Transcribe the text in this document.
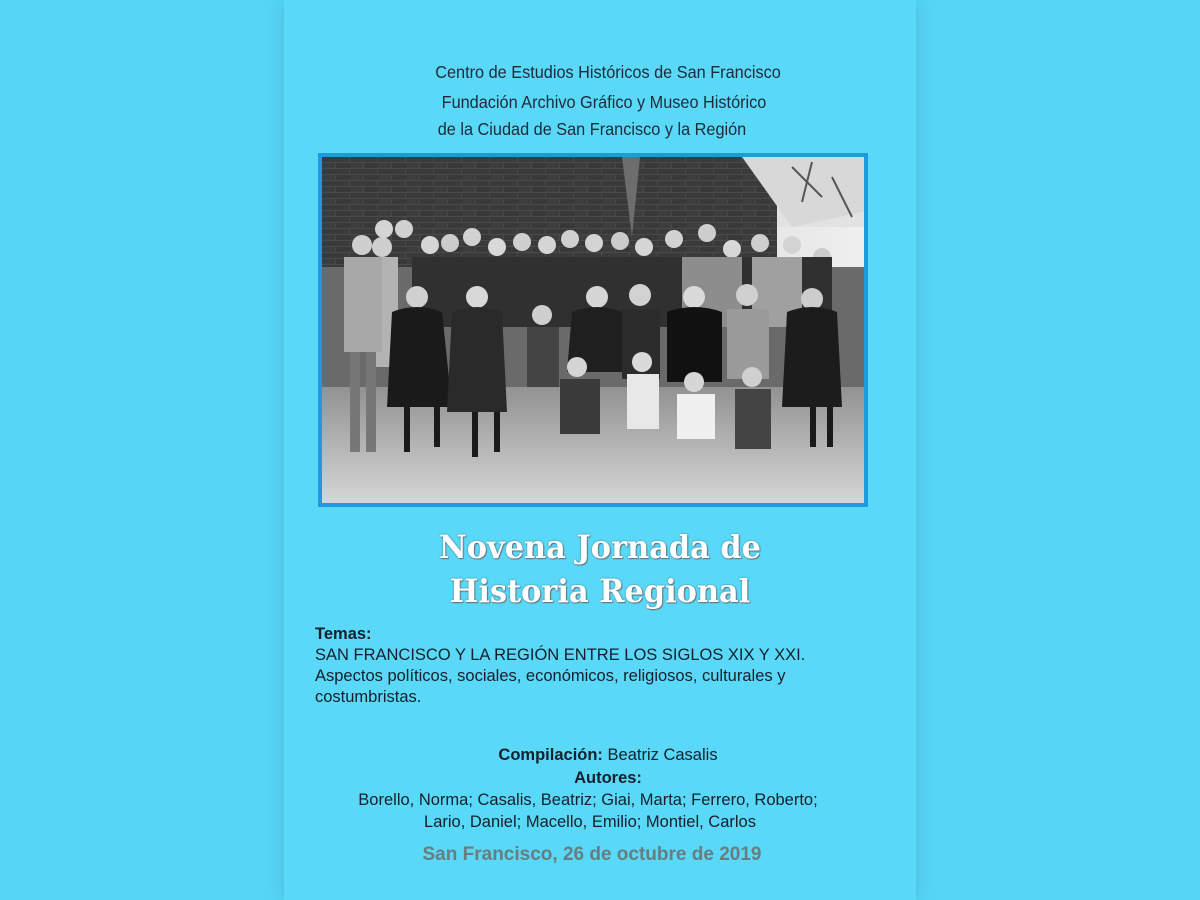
Centro de Estudios Históricos de San Francisco
Fundación Archivo Gráfico y Museo Histórico
de la Ciudad de San Francisco y la Región
Novena Jornada de
Historia Regional
Temas:
SAN FRANCISCO Y LA REGIÓN ENTRE LOS SIGLOS XIX Y XXI.
Aspectos políticos, sociales, económicos, religiosos, culturales y
costumbristas.
Compilación: Beatriz Casalis
Autores:
Borello, Norma; Casalis, Beatriz; Giai, Marta; Ferrero, Roberto;
Lario, Daniel; Macello, Emilio; Montiel, Carlos
San Francisco, 26 de octubre de 2019
